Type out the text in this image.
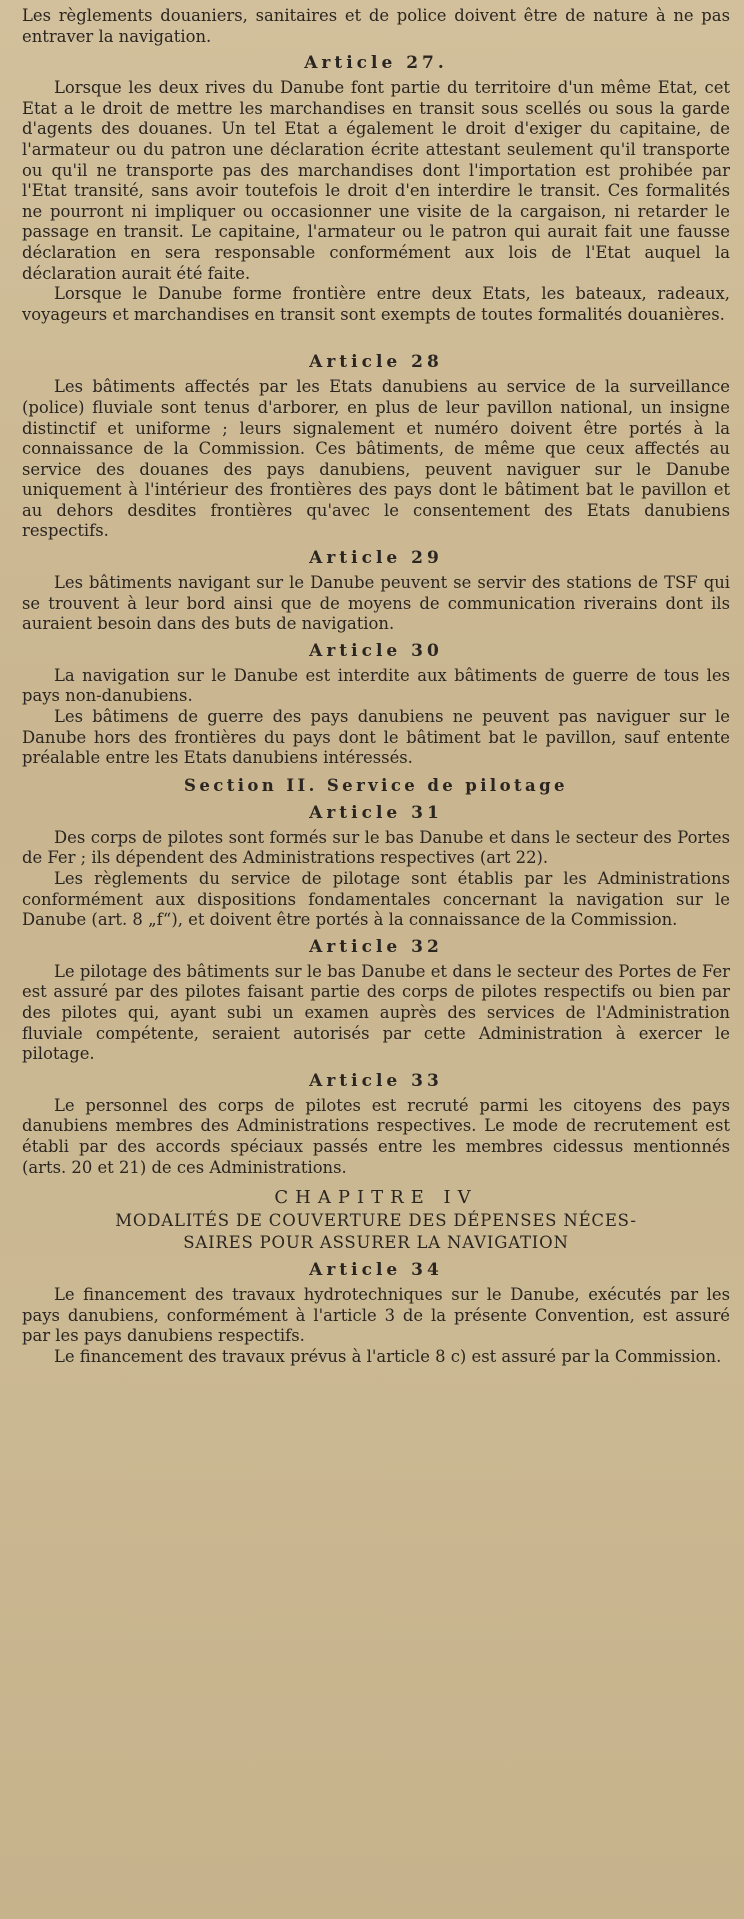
Les règlements douaniers, sanitaires et de police doivent être de nature à ne pas entraver la navigation.

Article 27.

Lorsque les deux rives du Danube font partie du territoire d'un même Etat, cet Etat a le droit de mettre les marchandises en transit sous scellés ou sous la garde d'agents des douanes. Un tel Etat a également le droit d'exiger du capitaine, de l'armateur ou du patron une déclaration écrite attestant seulement qu'il transporte ou qu'il ne transporte pas des marchandises dont l'importation est prohibée par l'Etat transité, sans avoir toutefois le droit d'en interdire le transit. Ces formalités ne pourront ni impliquer ou occasionner une visite de la cargaison, ni retarder le passage en transit. Le capitaine, l'armateur ou le patron qui aurait fait une fausse déclaration en sera responsable conformément aux lois de l'Etat auquel la déclaration aurait été faite.

Lorsque le Danube forme frontière entre deux Etats, les bateaux, radeaux, voyageurs et marchandises en transit sont exempts de toutes formalités douanières.

Article 28

Les bâtiments affectés par les Etats danubiens au service de la surveillance (police) fluviale sont tenus d'arborer, en plus de leur pavillon national, un insigne distinctif et uniforme ; leurs signalement et numéro doivent être portés à la connaissance de la Commission. Ces bâtiments, de même que ceux affectés au service des douanes des pays danubiens, peuvent naviguer sur le Danube uniquement à l'intérieur des frontières des pays dont le bâtiment bat le pavillon et au dehors desdites frontières qu'avec le consentement des Etats danubiens respectifs.

Article 29

Les bâtiments navigant sur le Danube peuvent se servir des stations de TSF qui se trouvent à leur bord ainsi que de moyens de communication riverains dont ils auraient besoin dans des buts de navigation.

Article 30

La navigation sur le Danube est interdite aux bâtiments de guerre de tous les pays non-danubiens.

Les bâtimens de guerre des pays danubiens ne peuvent pas naviguer sur le Danube hors des frontières du pays dont le bâtiment bat le pavillon, sauf entente préalable entre les Etats danubiens intéressés.

Section II. Service de pilotage
Article 31

Des corps de pilotes sont formés sur le bas Danube et dans le secteur des Portes de Fer ; ils dépendent des Administrations respectives (art 22).

Les règlements du service de pilotage sont établis par les Administrations conformément aux dispositions fondamentales concernant la navigation sur le Danube (art. 8 „f“), et doivent être portés à la connaissance de la Commission.

Article 32

Le pilotage des bâtiments sur le bas Danube et dans le secteur des Portes de Fer est assuré par des pilotes faisant partie des corps de pilotes respectifs ou bien par des pilotes qui, ayant subi un examen auprès des services de l'Administration fluviale compétente, seraient autorisés par cette Administration à exercer le pilotage.

Article 33

Le personnel des corps de pilotes est recruté parmi les citoyens des pays danubiens membres des Administrations respectives. Le mode de recrutement est établi par des accords spéciaux passés entre les membres cidessus mentionnés (arts. 20 et 21) de ces Administrations.

CHAPITRE IV
MODALITÉS DE COUVERTURE DES DÉPENSES NÉCES-
SAIRES POUR ASSURER LA NAVIGATION
Article 34

Le financement des travaux hydrotechniques sur le Danube, exécutés par les pays danubiens, conformément à l'article 3 de la présente Convention, est assuré par les pays danubiens respectifs.

Le financement des travaux prévus à l'article 8 c) est assuré par la Commission.
